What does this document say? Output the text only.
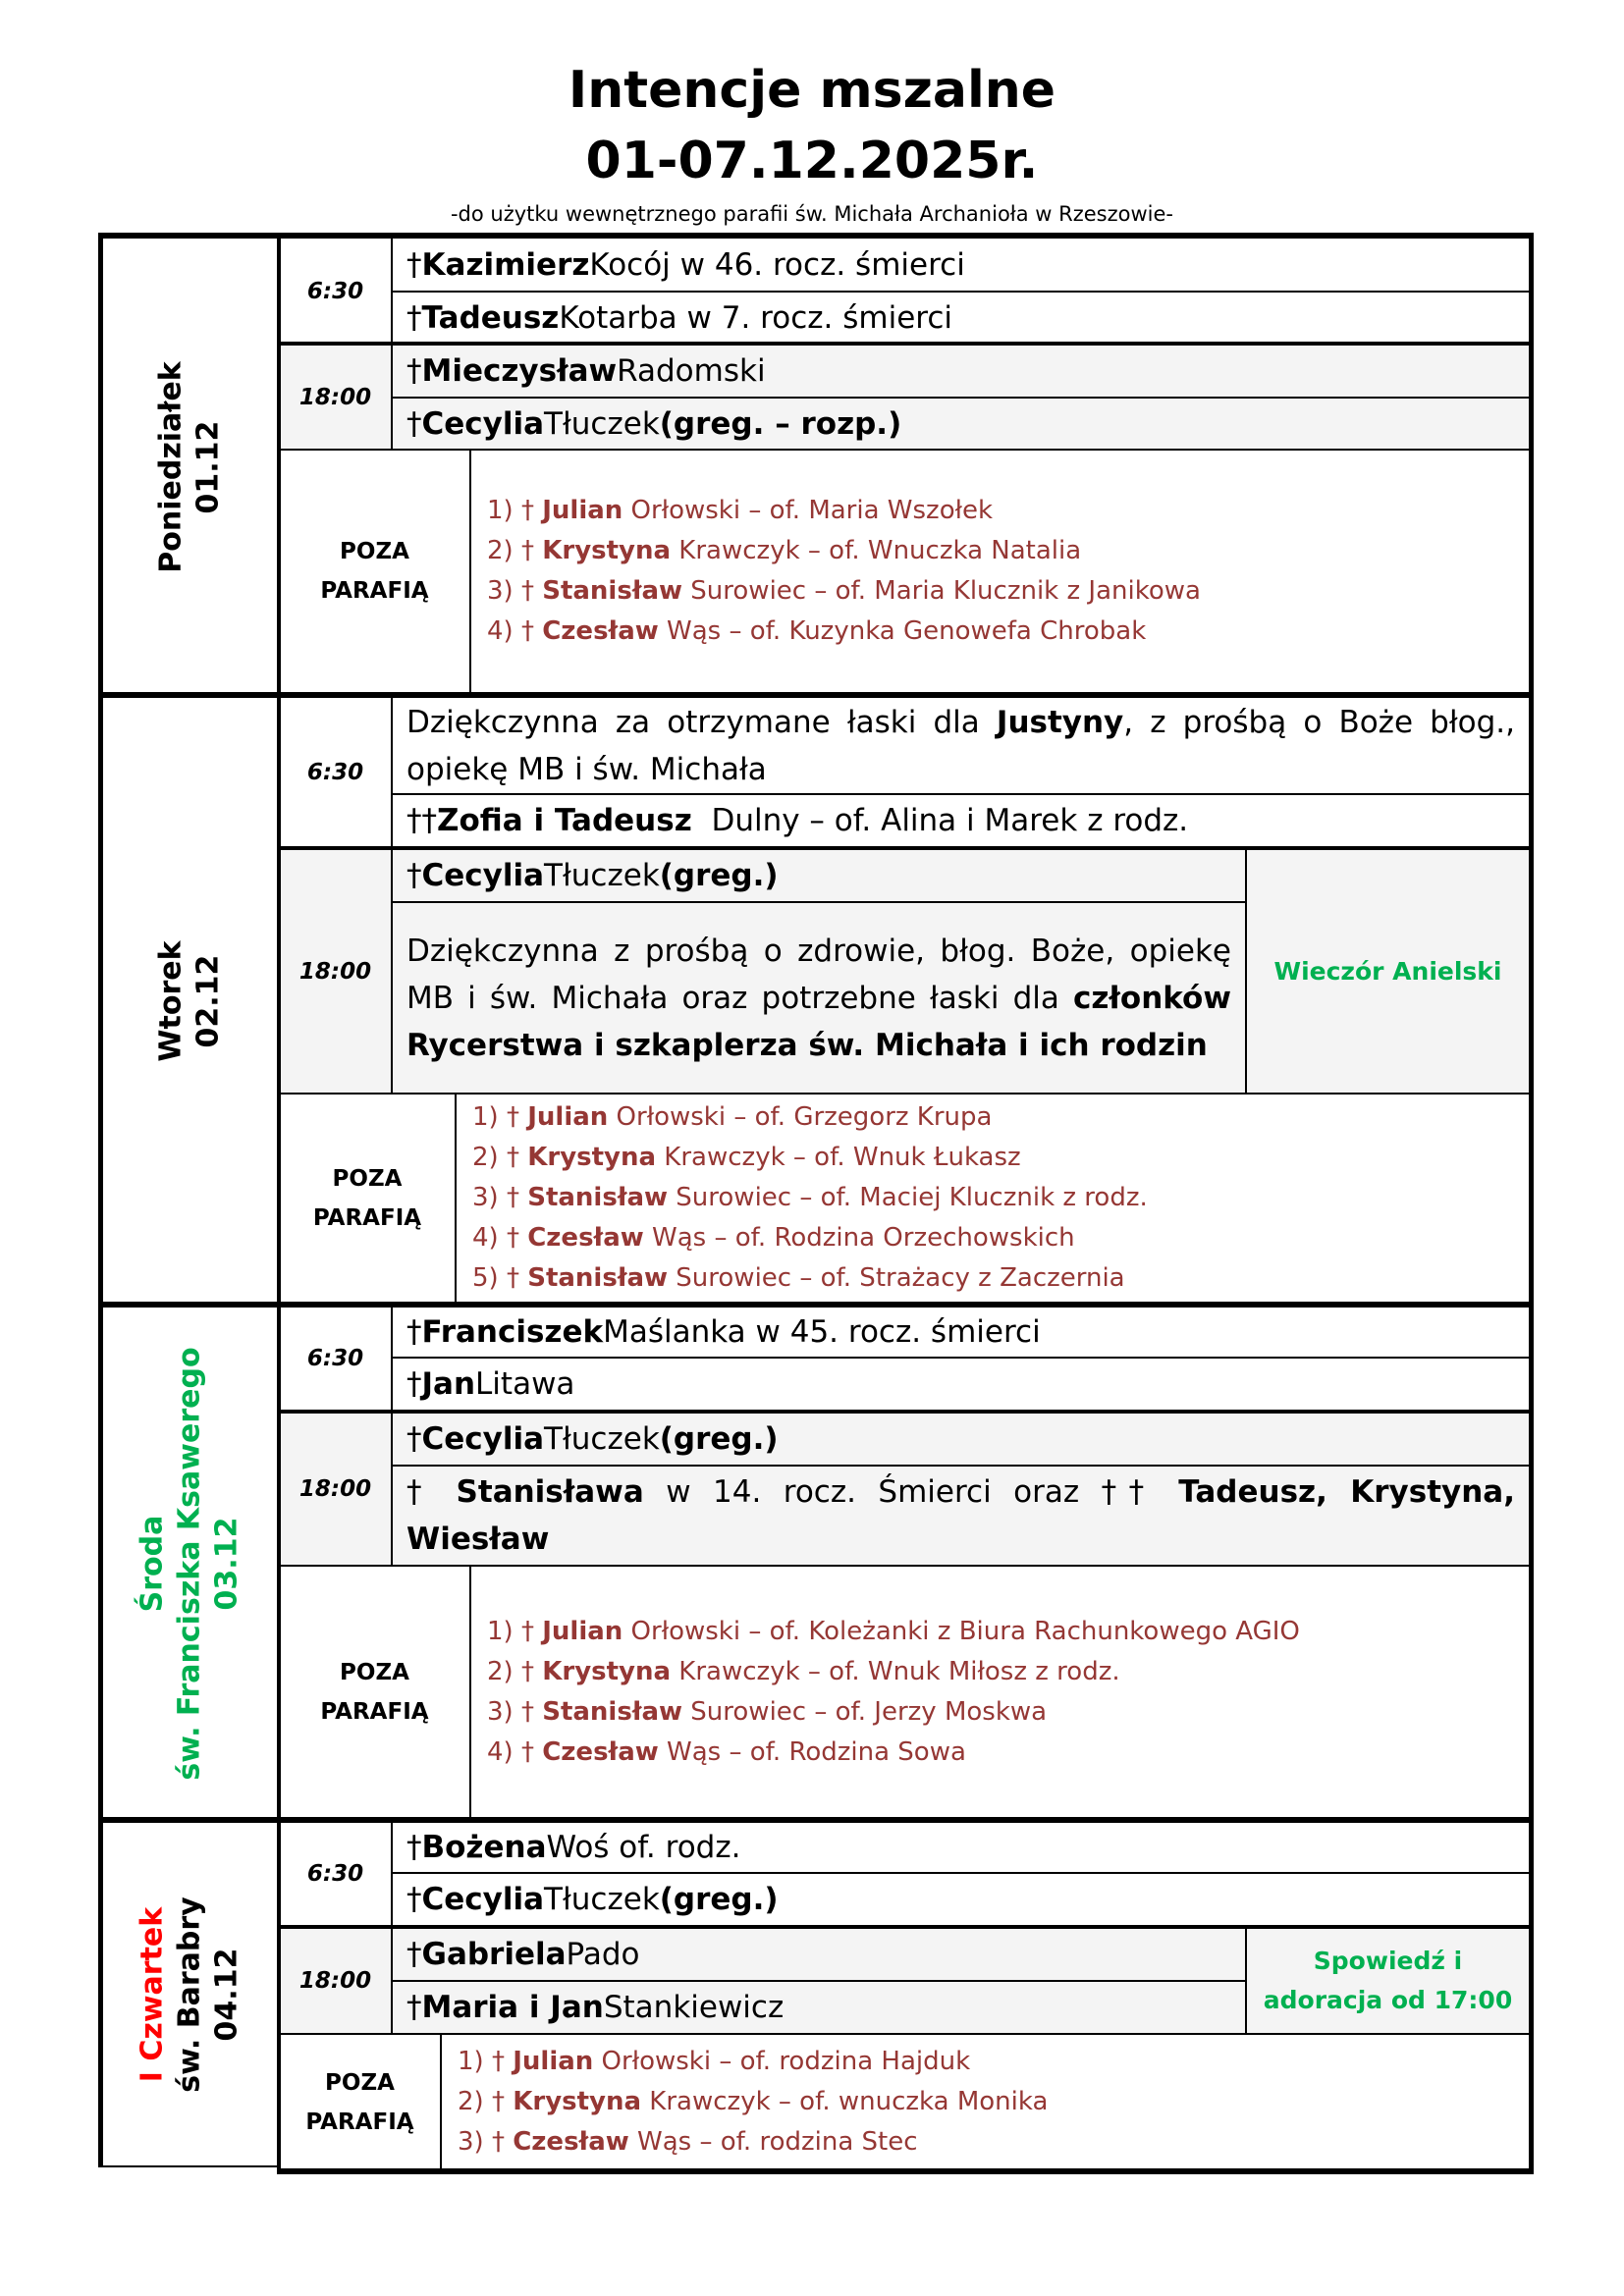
Intencje mszalne
01-07.12.2025r.
-do użytku wewnętrznego parafii św. Michała Archanioła w Rzeszowie-
Poniedziałek 01.12
6:30
† Kazimierz Kocój w 46. rocz. śmierci
† Tadeusz Kotarba w 7. rocz. śmierci
18:00
† Mieczysław Radomski
† Cecylia Tłuczek (greg. – rozp.)
POZA
PARAFIĄ
1) † Julian Orłowski – of. Maria Wszołek
2) † Krystyna Krawczyk – of. Wnuczka Natalia
3) † Stanisław Surowiec – of. Maria Klucznik z Janikowa
4) † Czesław Wąs – of. Kuzynka Genowefa Chrobak
Wtorek 02.12
6:30
Dziękczynna za otrzymane łaski dla Justyny, z prośbą o Boże błog., opiekę MB i św. Michała
†† Zofia i Tadeusz Dulny – of. Alina i Marek z rodz.
18:00
† Cecylia Tłuczek (greg.)
Dziękczynna z prośbą o zdrowie, błog. Boże, opiekę MB i św. Michała oraz potrzebne łaski dla członków Rycerstwa i szkaplerza św. Michała i ich rodzin
Wieczór Anielski
POZA
PARAFIĄ
1) † Julian Orłowski – of. Grzegorz Krupa
2) † Krystyna Krawczyk – of. Wnuk Łukasz
3) † Stanisław Surowiec – of. Maciej Klucznik z rodz.
4) † Czesław Wąs – of. Rodzina Orzechowskich
5) † Stanisław Surowiec – of. Strażacy z Zaczernia
Środa św. Franciszka Ksawerego 03.12
6:30
† Franciszek Maślanka w 45. rocz. śmierci
† Jan Litawa
18:00
† Cecylia Tłuczek (greg.)
† Stanisława w 14. rocz. Śmierci oraz †† Tadeusz, Krystyna, Wiesław
POZA
PARAFIĄ
1) † Julian Orłowski – of. Koleżanki z Biura Rachunkowego AGIO
2) † Krystyna Krawczyk – of. Wnuk Miłosz z rodz.
3) † Stanisław Surowiec – of. Jerzy Moskwa
4) † Czesław Wąs – of. Rodzina Sowa
I Czwartek św. Barabry 04.12
6:30
† Bożena Woś of. rodz.
† Cecylia Tłuczek (greg.)
18:00
† Gabriela Pado
† Maria i Jan Stankiewicz
Spowiedź i
adoracja od 17:00
POZA
PARAFIĄ
1) † Julian Orłowski – of. rodzina Hajduk
2) † Krystyna Krawczyk – of. wnuczka Monika
3) † Czesław Wąs – of. rodzina Stec
